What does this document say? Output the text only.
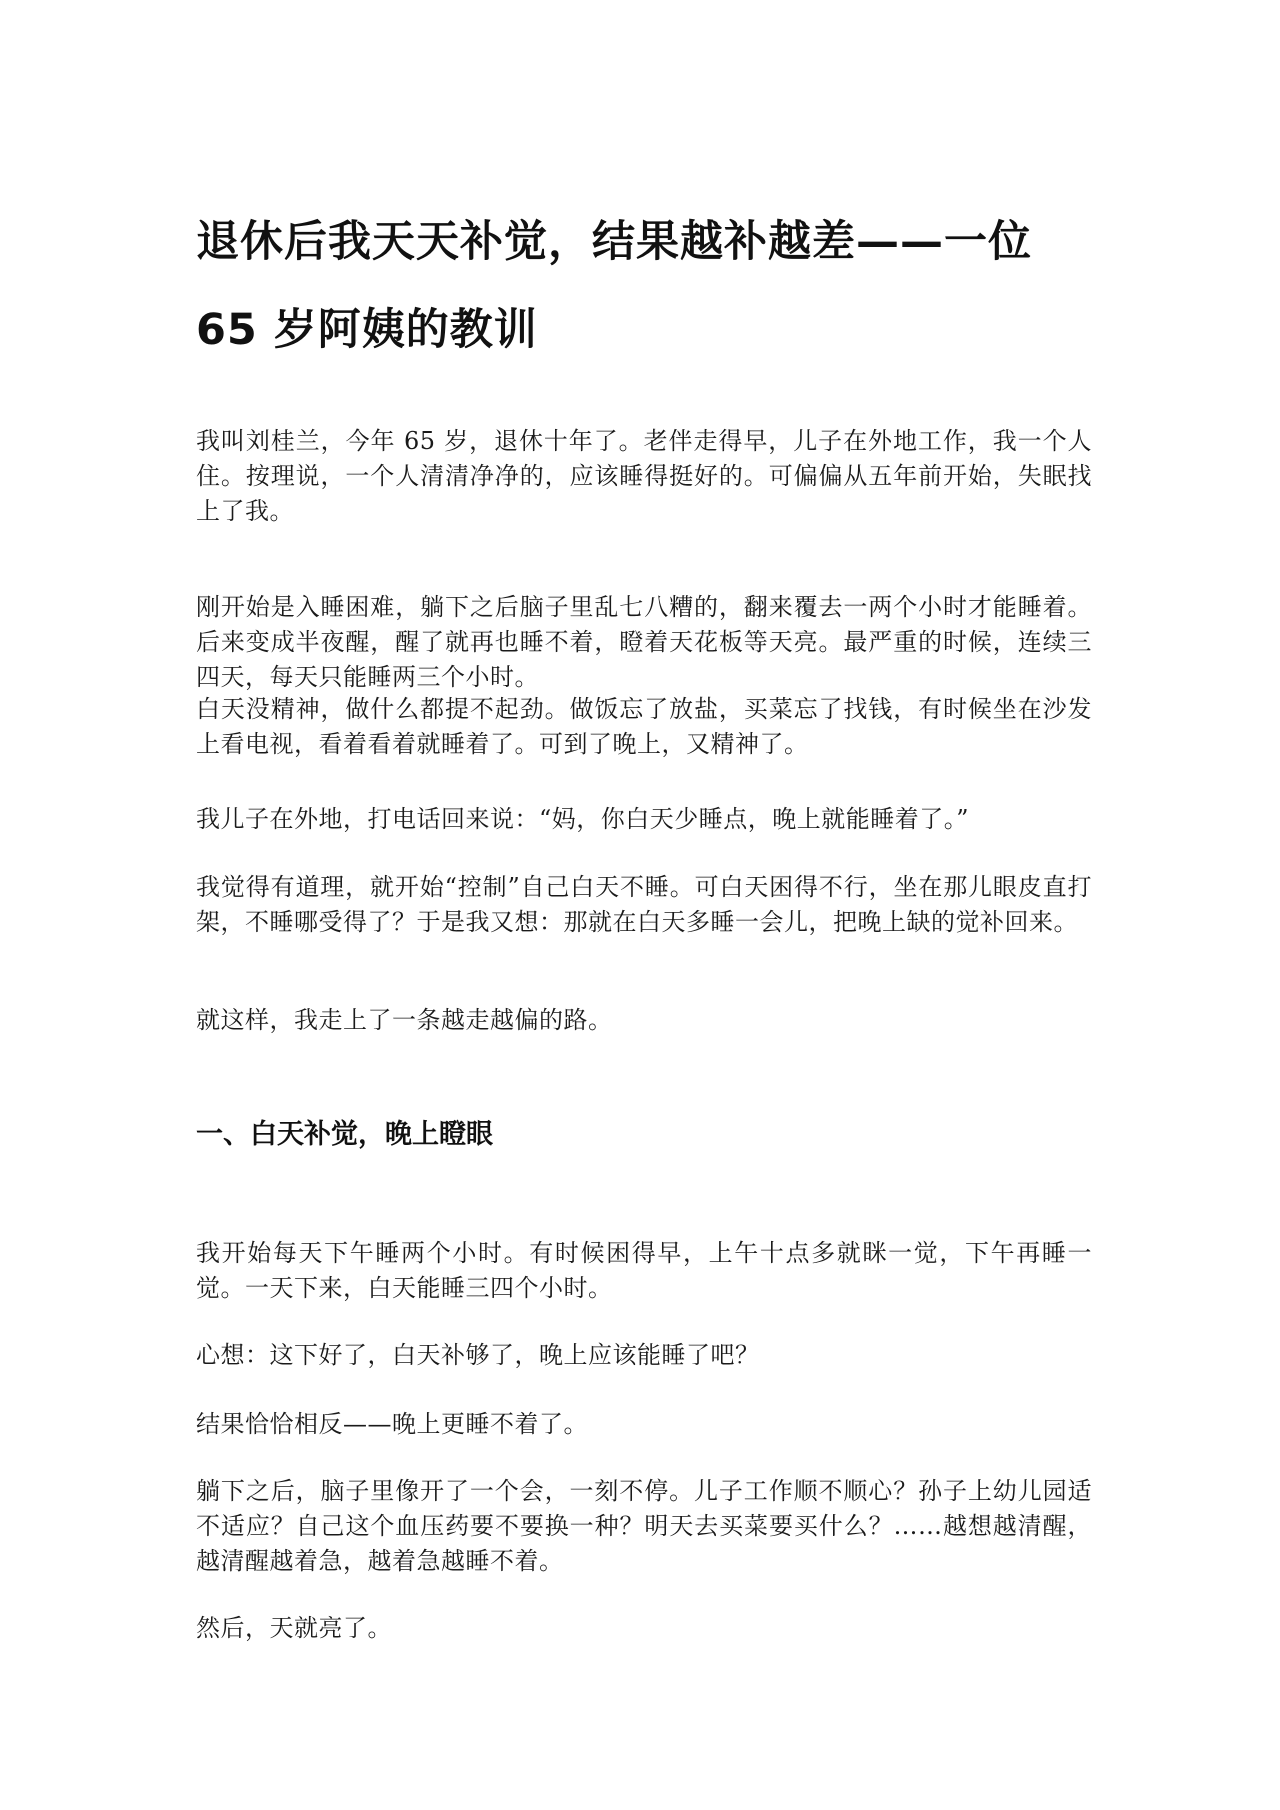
退休后我天天补觉，结果越补越差——一位
65 岁阿姨的教训

我叫刘桂兰，今年 65 岁，退休十年了。老伴走得早，儿子在外地工作，我一个人住。按理说，一个人清清净净的，应该睡得挺好的。可偏偏从五年前开始，失眠找上了我。

刚开始是入睡困难，躺下之后脑子里乱七八糟的，翻来覆去一两个小时才能睡着。后来变成半夜醒，醒了就再也睡不着，瞪着天花板等天亮。最严重的时候，连续三四天，每天只能睡两三个小时。

白天没精神，做什么都提不起劲。做饭忘了放盐，买菜忘了找钱，有时候坐在沙发上看电视，看着看着就睡着了。可到了晚上，又精神了。

我儿子在外地，打电话回来说：“妈，你白天少睡点，晚上就能睡着了。”

我觉得有道理，就开始“控制”自己白天不睡。可白天困得不行，坐在那儿眼皮直打架，不睡哪受得了？于是我又想：那就在白天多睡一会儿，把晚上缺的觉补回来。

就这样，我走上了一条越走越偏的路。

一、白天补觉，晚上瞪眼

我开始每天下午睡两个小时。有时候困得早，上午十点多就眯一觉，下午再睡一觉。一天下来，白天能睡三四个小时。

心想：这下好了，白天补够了，晚上应该能睡了吧？

结果恰恰相反——晚上更睡不着了。

躺下之后，脑子里像开了一个会，一刻不停。儿子工作顺不顺心？孙子上幼儿园适不适应？自己这个血压药要不要换一种？明天去买菜要买什么？……越想越清醒，越清醒越着急，越着急越睡不着。

然后，天就亮了。
